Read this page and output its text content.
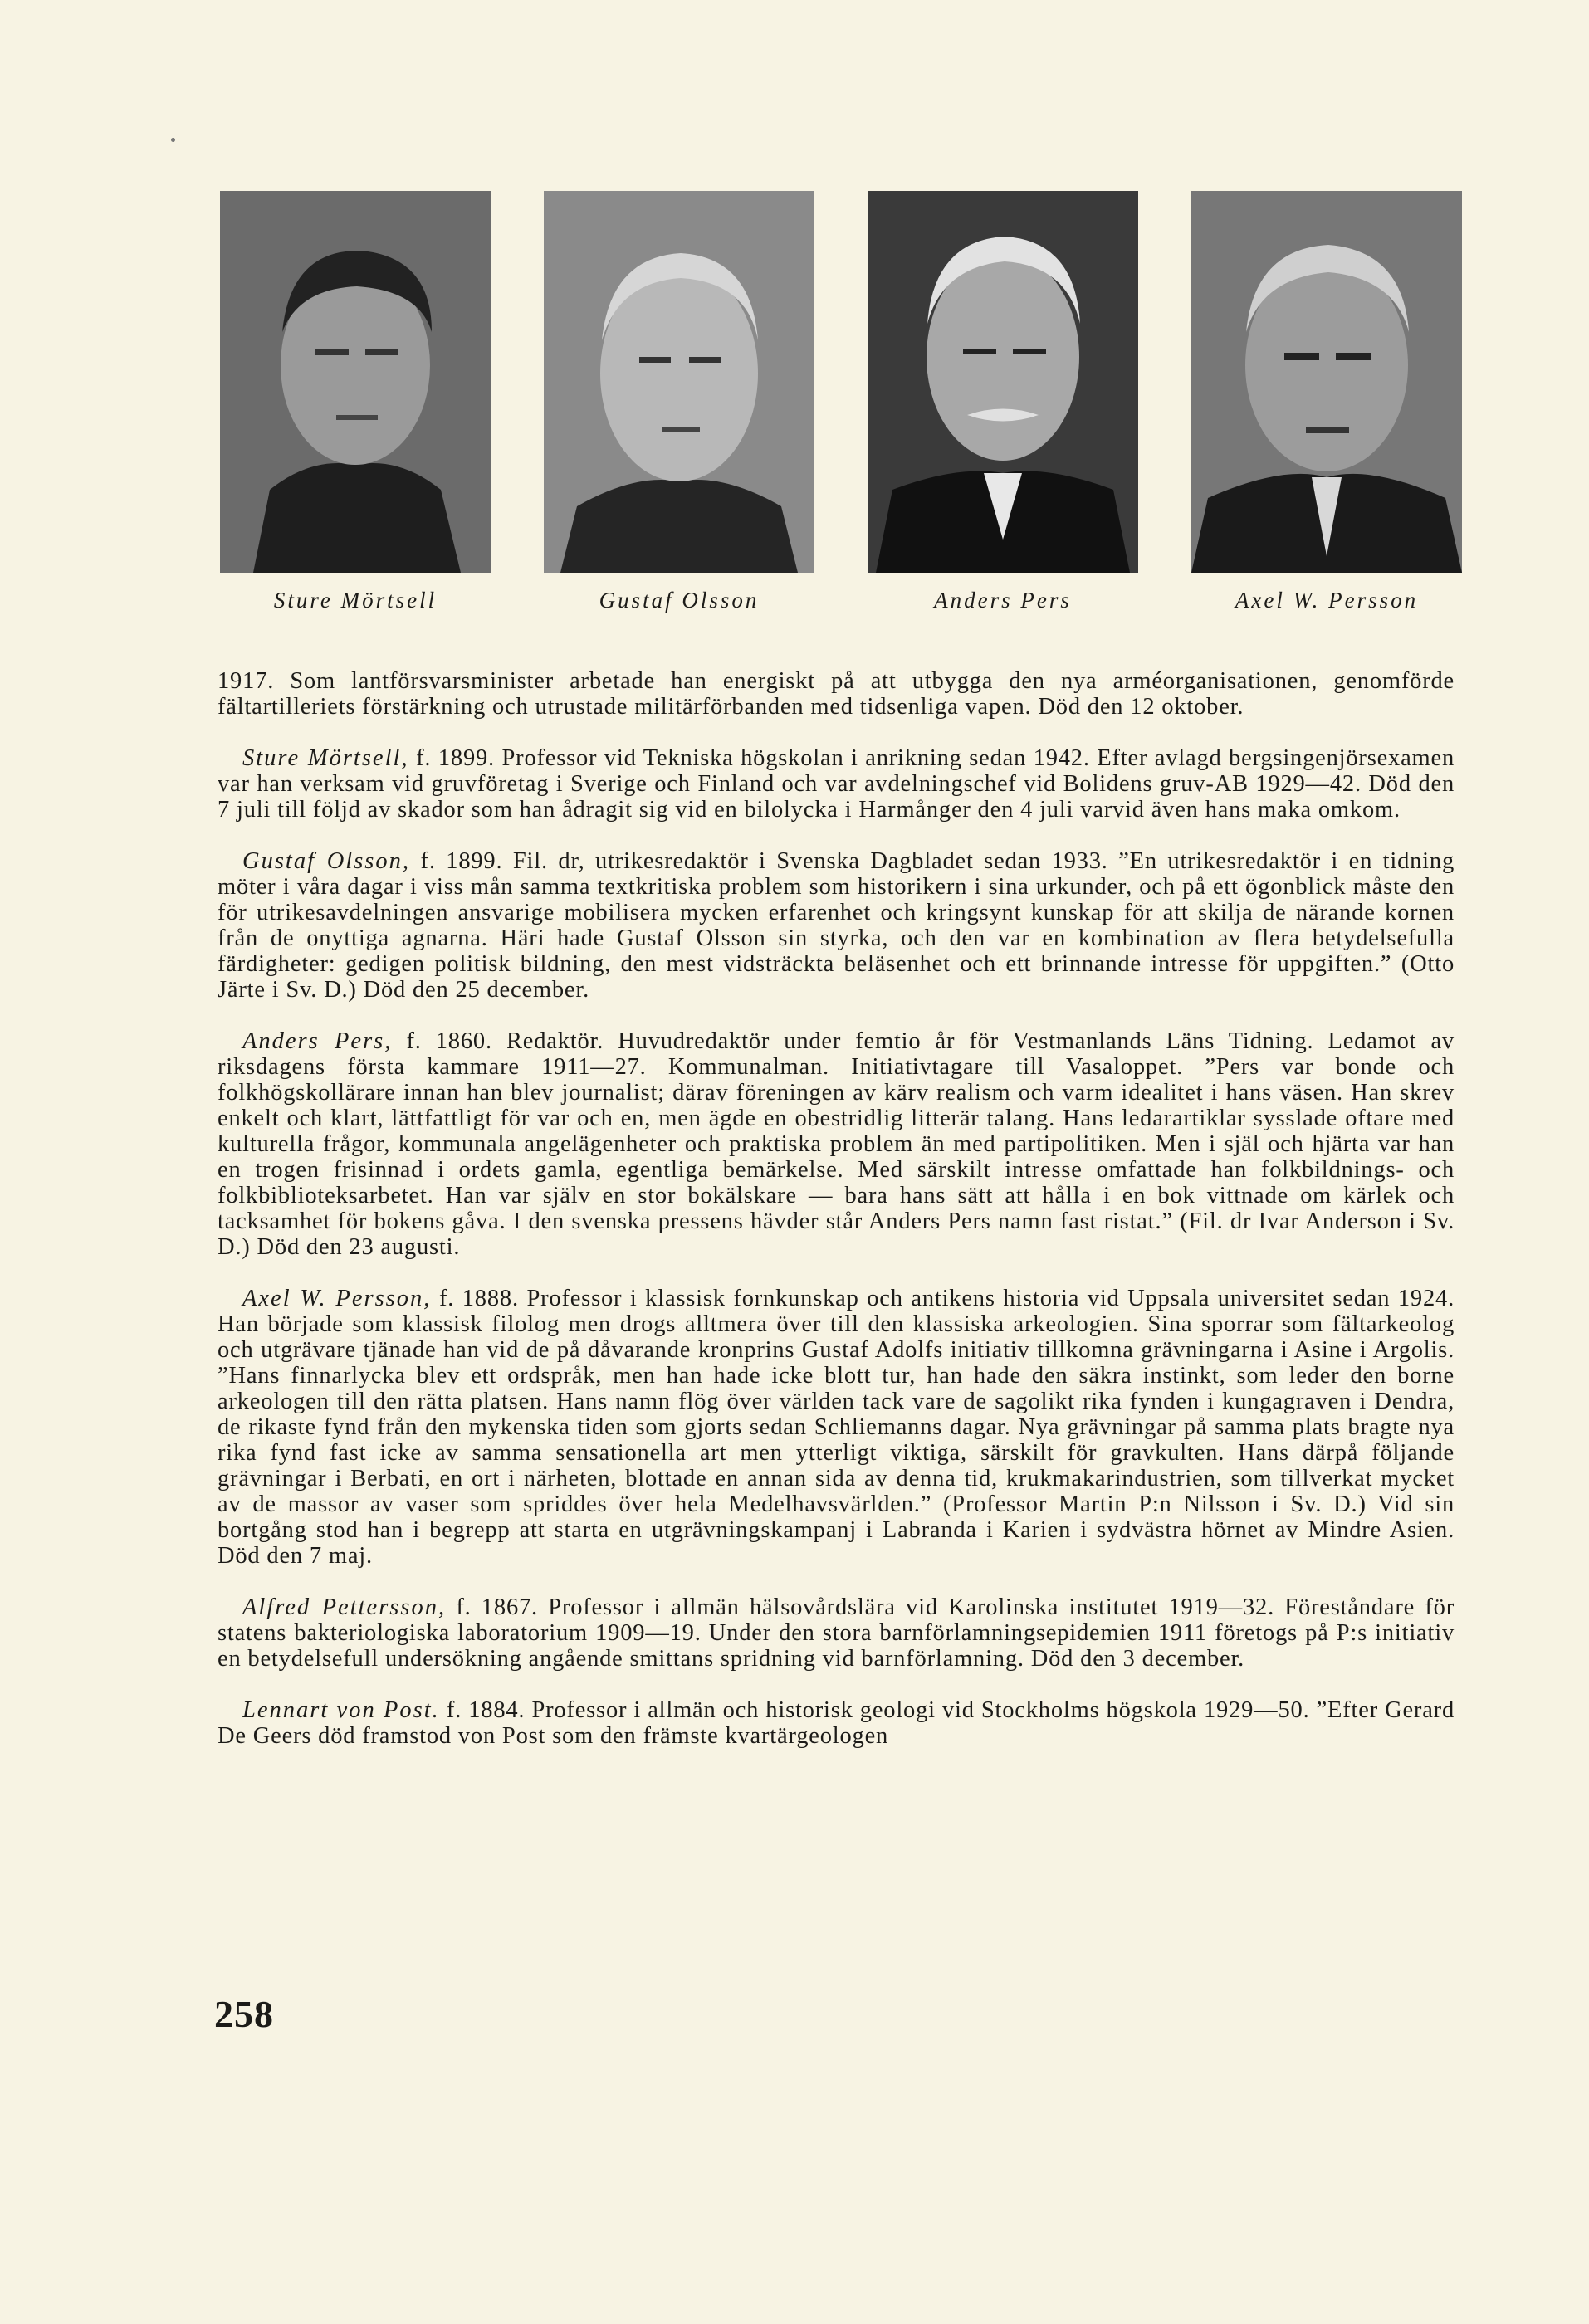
Sture Mörtsell	Gustaf Olsson	Anders Pers	Axel W. Persson

1917. Som lantförsvarsminister arbetade han energiskt på att utbygga den nya arméorganisationen, genomförde fältartilleriets förstärkning och utrustade militärförbanden med tidsenliga vapen. Död den 12 oktober.

Sture Mörtsell, f. 1899. Professor vid Tekniska högskolan i anrikning sedan 1942. Efter avlagd bergsingenjörsexamen var han verksam vid gruvföretag i Sverige och Finland och var avdelningschef vid Bolidens gruv-AB 1929—42. Död den 7 juli till följd av skador som han ådragit sig vid en bilolycka i Harmånger den 4 juli varvid även hans maka omkom.

Gustaf Olsson, f. 1899. Fil. dr, utrikesredaktör i Svenska Dagbladet sedan 1933. ”En utrikesredaktör i en tidning möter i våra dagar i viss mån samma textkritiska problem som historikern i sina urkunder, och på ett ögonblick måste den för utrikesavdelningen ansvarige mobilisera mycken erfarenhet och kringsynt kunskap för att skilja de närande kornen från de onyttiga agnarna. Häri hade Gustaf Olsson sin styrka, och den var en kombination av flera betydelsefulla färdigheter: gedigen politisk bildning, den mest vidsträckta beläsenhet och ett brinnande intresse för uppgiften.” (Otto Järte i Sv. D.) Död den 25 december.

Anders Pers, f. 1860. Redaktör. Huvudredaktör under femtio år för Vestmanlands Läns Tidning. Ledamot av riksdagens första kammare 1911—27. Kommunalman. Initiativtagare till Vasaloppet. ”Pers var bonde och folkhögskollärare innan han blev journalist; därav föreningen av kärv realism och varm idealitet i hans väsen. Han skrev enkelt och klart, lättfattligt för var och en, men ägde en obestridlig litterär talang. Hans ledarartiklar sysslade oftare med kulturella frågor, kommunala angelägenheter och praktiska problem än med partipolitiken. Men i själ och hjärta var han en trogen frisinnad i ordets gamla, egentliga bemärkelse. Med särskilt intresse omfattade han folkbildnings- och folkbiblioteksarbetet. Han var själv en stor bokälskare — bara hans sätt att hålla i en bok vittnade om kärlek och tacksamhet för bokens gåva. I den svenska pressens hävder står Anders Pers namn fast ristat.” (Fil. dr Ivar Anderson i Sv. D.) Död den 23 augusti.

Axel W. Persson, f. 1888. Professor i klassisk fornkunskap och antikens historia vid Uppsala universitet sedan 1924. Han började som klassisk filolog men drogs alltmera över till den klassiska arkeologien. Sina sporrar som fältarkeolog och utgrävare tjänade han vid de på dåvarande kronprins Gustaf Adolfs initiativ tillkomna grävningarna i Asine i Argolis. ”Hans finnarlycka blev ett ordspråk, men han hade icke blott tur, han hade den säkra instinkt, som leder den borne arkeologen till den rätta platsen. Hans namn flög över världen tack vare de sagolikt rika fynden i kungagraven i Dendra, de rikaste fynd från den mykenska tiden som gjorts sedan Schliemanns dagar. Nya grävningar på samma plats bragte nya rika fynd fast icke av samma sensationella art men ytterligt viktiga, särskilt för gravkulten. Hans därpå följande grävningar i Berbati, en ort i närheten, blottade en annan sida av denna tid, krukmakarindustrien, som tillverkat mycket av de massor av vaser som spriddes över hela Medelhavsvärlden.” (Professor Martin P:n Nilsson i Sv. D.) Vid sin bortgång stod han i begrepp att starta en utgrävningskampanj i Labranda i Karien i sydvästra hörnet av Mindre Asien. Död den 7 maj.

Alfred Pettersson, f. 1867. Professor i allmän hälsovårdslära vid Karolinska institutet 1919—32. Föreståndare för statens bakteriologiska laboratorium 1909—19. Under den stora barnförlamningsepidemien 1911 företogs på P:s initiativ en betydelsefull undersökning angående smittans spridning vid barnförlamning. Död den 3 december.

Lennart von Post. f. 1884. Professor i allmän och historisk geologi vid Stockholms högskola 1929—50. ”Efter Gerard De Geers död framstod von Post som den främste kvartärgeologen

258
